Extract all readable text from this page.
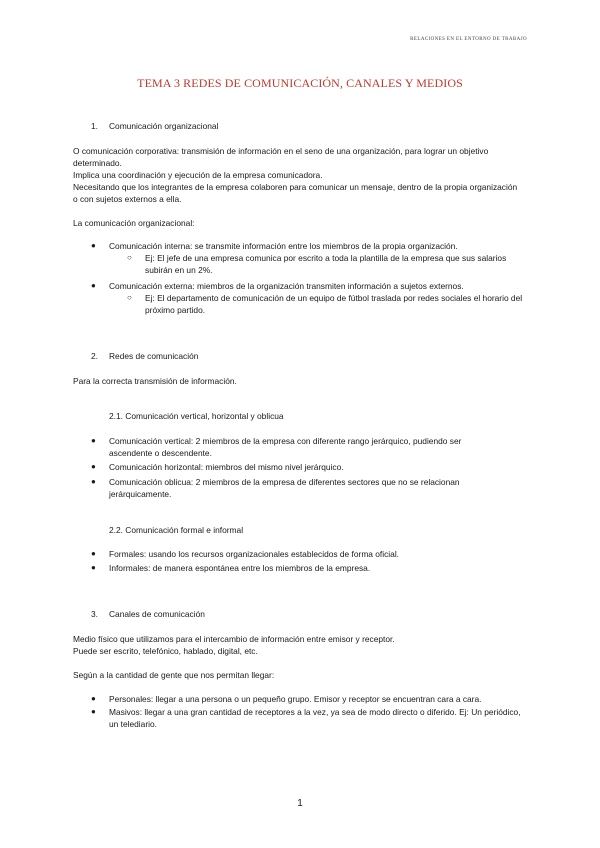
RELACIONES EN EL ENTORNO DE TRABAJO
TEMA 3 REDES DE COMUNICACIÓN, CANALES Y MEDIOS
1. Comunicación organizacional
O comunicación corporativa: transmisión de información en el seno de una organización, para lograr un objetivo determinado.
Implica una coordinación y ejecución de la empresa comunicadora.
Necesitando que los integrantes de la empresa colaboren para comunicar un mensaje, dentro de la propia organización o con sujetos externos a ella.
La comunicación organizacional:
● Comunicación interna: se transmite información entre los miembros de la propia organización.
○ Ej: El jefe de una empresa comunica por escrito a toda la plantilla de la empresa que sus salarios subirán en un 2%.
● Comunicación externa: miembros de la organización transmiten información a sujetos externos.
○ Ej: El departamento de comunicación de un equipo de fútbol traslada por redes sociales el horario del próximo partido.
2. Redes de comunicación
Para la correcta transmisión de información.
2.1. Comunicación vertical, horizontal y oblicua
● Comunicación vertical: 2 miembros de la empresa con diferente rango jerárquico, pudiendo ser ascendente o descendente.
● Comunicación horizontal: miembros del mismo nivel jerárquico.
● Comunicación oblicua: 2 miembros de la empresa de diferentes sectores que no se relacionan jerárquicamente.
2.2. Comunicación formal e informal
● Formales: usando los recursos organizacionales establecidos de forma oficial.
● Informales: de manera espontánea entre los miembros de la empresa.
3. Canales de comunicación
Medio físico que utilizamos para el intercambio de información entre emisor y receptor.
Puede ser escrito, telefónico, hablado, digital, etc.
Según a la cantidad de gente que nos permitan llegar:
● Personales: llegar a una persona o un pequeño grupo. Emisor y receptor se encuentran cara a cara.
● Masivos: llegar a una gran cantidad de receptores a la vez, ya sea de modo directo o diferido. Ej: Un periódico, un telediario.
1
